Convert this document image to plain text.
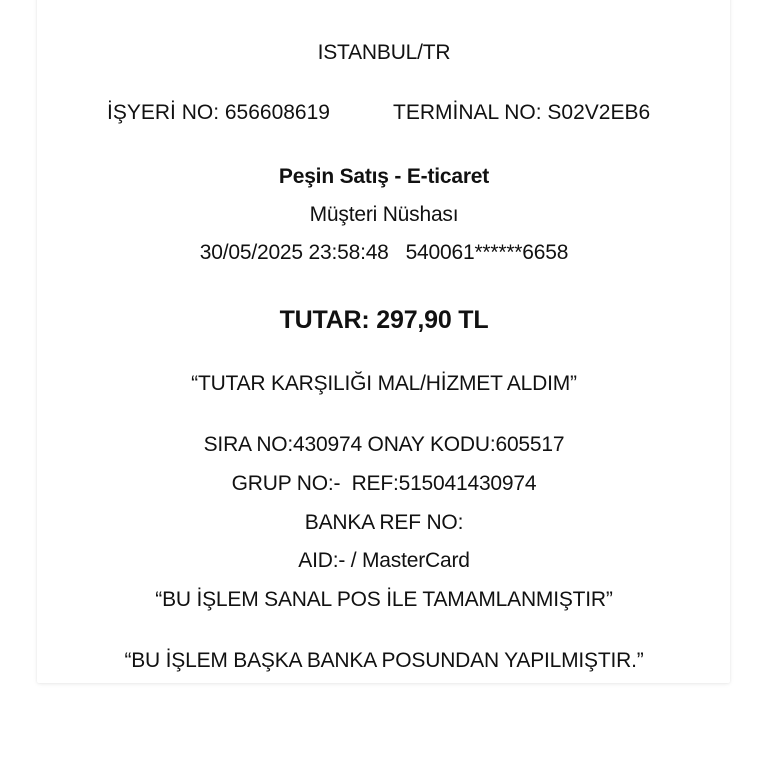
ISTANBUL/TR
İŞYERİ NO: 656608619	TERMİNAL NO: S02V2EB6
Peşin Satış - E-ticaret
Müşteri Nüshası
30/05/2025 23:58:48   540061******6658
TUTAR: 297,90 TL
“TUTAR KARŞILIĞI MAL/HİZMET ALDIM”
SIRA NO:430974 ONAY KODU:605517
GRUP NO:-  REF:515041430974
BANKA REF NO:
AID:- / MasterCard
“BU İŞLEM SANAL POS İLE TAMAMLANMIŞTIR”
“BU İŞLEM BAŞKA BANKA POSUNDAN YAPILMIŞTIR.”
